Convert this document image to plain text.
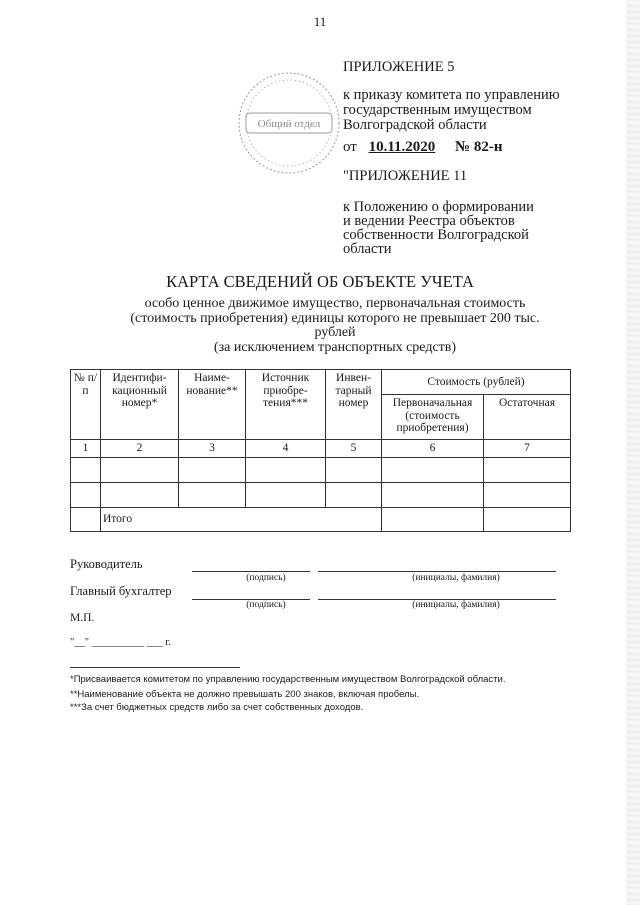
11
Общий отдел
ПРИЛОЖЕНИЕ 5
к приказу комитета по управлению
государственным имуществом
Волгоградской области
от 10.11.2020 № 82-н
"ПРИЛОЖЕНИЕ 11
к Положению о формировании
и ведении Реестра объектов
собственности Волгоградской
области
КАРТА СВЕДЕНИЙ ОБ ОБЪЕКТЕ УЧЕТА
особо ценное движимое имущество, первоначальная стоимость
(стоимость приобретения) единицы которого не превышает 200 тыс.
рублей
(за исключением транспортных средств)
№ п/п	Идентифи-кационный номер*	Наиме-нование**	Источник приобре-тения***	Инвен-тарный номер	Стоимость (рублей)	
					Первоначальная (стоимость приобретения)	Остаточная
1	2	3	4	5	6	7

	Итого					
Руководитель
(подпись)	(инициалы, фамилия)
Главный бухгалтер
(подпись)	(инициалы, фамилия)
М.П.
"__" __________ ___ г.
*Присваивается комитетом по управлению государственным имуществом Волгоградской области.
**Наименование объекта не должно превышать 200 знаков, включая пробелы.
***За счет бюджетных средств либо за счет собственных доходов.
